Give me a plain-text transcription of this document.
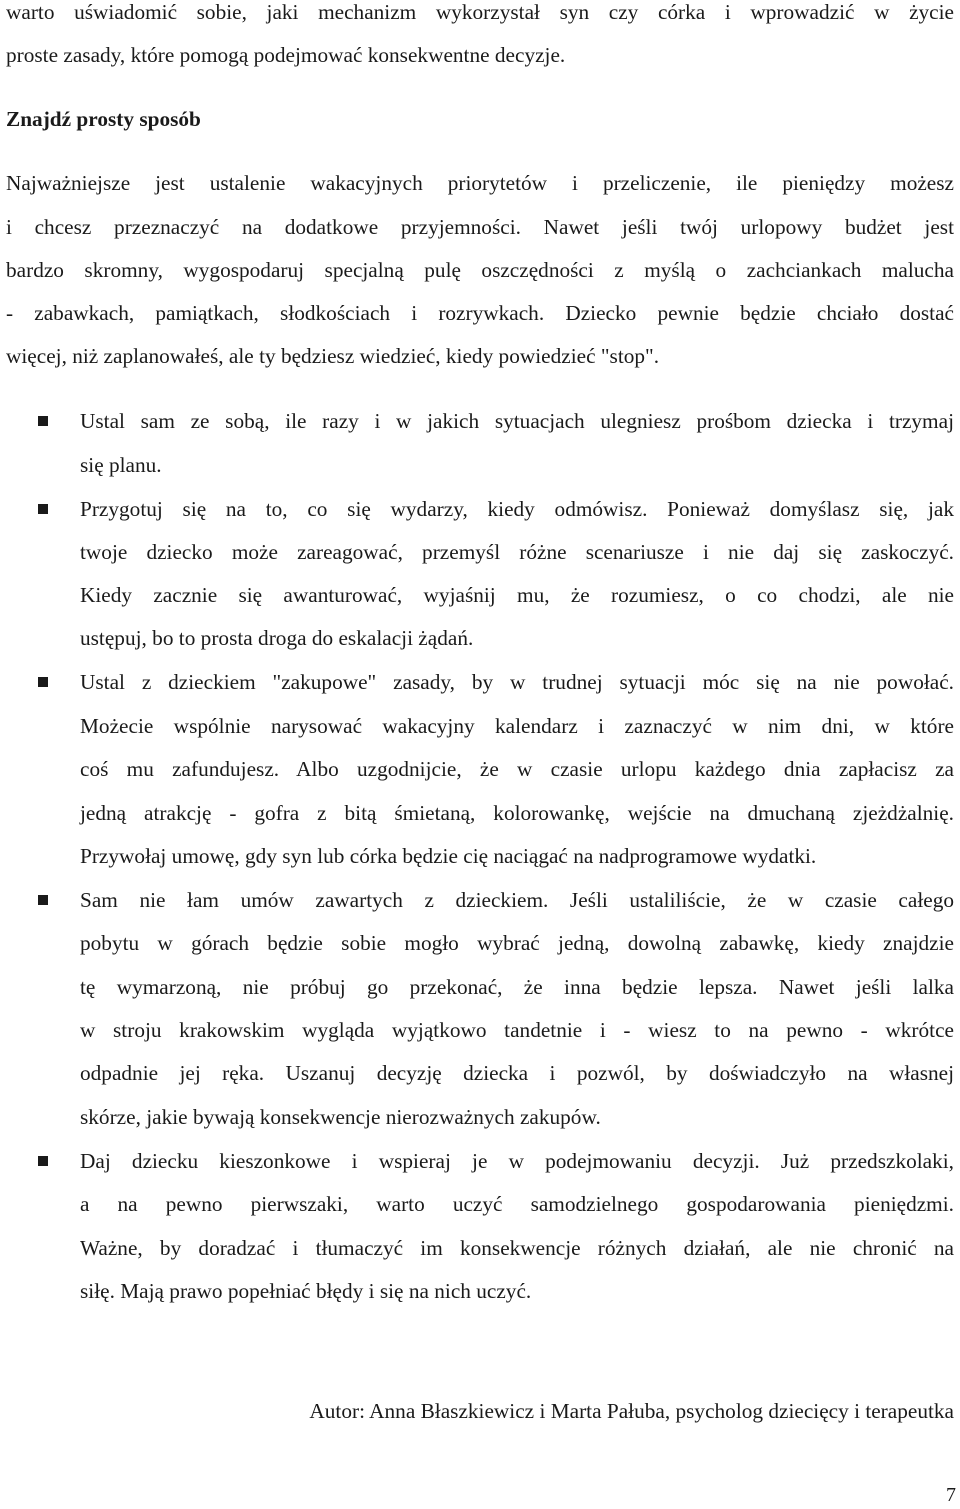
warto uświadomić sobie, jaki mechanizm wykorzystał syn czy córka i wprowadzić w życie
proste zasady, które pomogą podejmować konsekwentne decyzje.
Znajdź prosty sposób
Najważniejsze jest ustalenie wakacyjnych priorytetów i przeliczenie, ile pieniędzy możesz
i chcesz przeznaczyć na dodatkowe przyjemności. Nawet jeśli twój urlopowy budżet jest
bardzo skromny, wygospodaruj specjalną pulę oszczędności z myślą o zachciankach malucha
- zabawkach, pamiątkach, słodkościach i rozrywkach. Dziecko pewnie będzie chciało dostać
więcej, niż zaplanowałeś, ale ty będziesz wiedzieć, kiedy powiedzieć "stop".
Ustal sam ze sobą, ile razy i w jakich sytuacjach ulegniesz prośbom dziecka i trzymaj
się planu.
Przygotuj się na to, co się wydarzy, kiedy odmówisz. Ponieważ domyślasz się, jak
twoje dziecko może zareagować, przemyśl różne scenariusze i nie daj się zaskoczyć.
Kiedy zacznie się awanturować, wyjaśnij mu, że rozumiesz, o co chodzi, ale nie
ustępuj, bo to prosta droga do eskalacji żądań.
Ustal z dzieckiem "zakupowe" zasady, by w trudnej sytuacji móc się na nie powołać.
Możecie wspólnie narysować wakacyjny kalendarz i zaznaczyć w nim dni, w które
coś mu zafundujesz. Albo uzgodnijcie, że w czasie urlopu każdego dnia zapłacisz za
jedną atrakcję - gofra z bitą śmietaną, kolorowankę, wejście na dmuchaną zjeżdżalnię.
Przywołaj umowę, gdy syn lub córka będzie cię naciągać na nadprogramowe wydatki.
Sam nie łam umów zawartych z dzieckiem. Jeśli ustaliliście, że w czasie całego
pobytu w górach będzie sobie mogło wybrać jedną, dowolną zabawkę, kiedy znajdzie
tę wymarzoną, nie próbuj go przekonać, że inna będzie lepsza. Nawet jeśli lalka
w stroju krakowskim wygląda wyjątkowo tandetnie i - wiesz to na pewno - wkrótce
odpadnie jej ręka. Uszanuj decyzję dziecka i pozwól, by doświadczyło na własnej
skórze, jakie bywają konsekwencje nierozważnych zakupów.
Daj dziecku kieszonkowe i wspieraj je w podejmowaniu decyzji. Już przedszkolaki,
a na pewno pierwszaki, warto uczyć samodzielnego gospodarowania pieniędzmi.
Ważne, by doradzać i tłumaczyć im konsekwencje różnych działań, ale nie chronić na
siłę. Mają prawo popełniać błędy i się na nich uczyć.
Autor: Anna Błaszkiewicz i Marta Pałuba, psycholog dziecięcy i terapeutka
7
